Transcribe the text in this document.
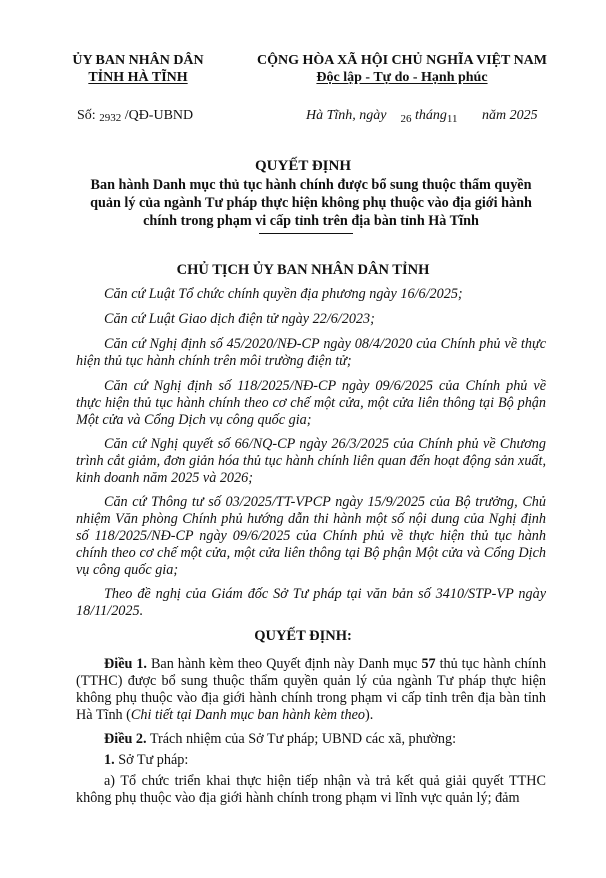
ỦY BAN NHÂN DÂN
TỈNH HÀ TĨNH
CỘNG HÒA XÃ HỘI CHỦ NGHĨA VIỆT NAM
Độc lập - Tự do - Hạnh phúc
Số: 2932 /QĐ-UBND	Hà Tĩnh, ngày $_{26}$ tháng$_{11}$ năm 2025
QUYẾT ĐỊNH
Ban hành Danh mục thủ tục hành chính được bổ sung thuộc thẩm quyền quản lý của ngành Tư pháp thực hiện không phụ thuộc vào địa giới hành chính trong phạm vi cấp tỉnh trên địa bàn tỉnh Hà Tĩnh
CHỦ TỊCH ỦY BAN NHÂN DÂN TỈNH

Căn cứ Luật Tổ chức chính quyền địa phương ngày 16/6/2025;

Căn cứ Luật Giao dịch điện tử ngày 22/6/2023;

Căn cứ Nghị định số 45/2020/NĐ-CP ngày 08/4/2020 của Chính phủ về thực hiện thủ tục hành chính trên môi trường điện tử;

Căn cứ Nghị định số 118/2025/NĐ-CP ngày 09/6/2025 của Chính phủ về thực hiện thủ tục hành chính theo cơ chế một cửa, một cửa liên thông tại Bộ phận Một cửa và Cổng Dịch vụ công quốc gia;

Căn cứ Nghị quyết số 66/NQ-CP ngày 26/3/2025 của Chính phủ về Chương trình cắt giảm, đơn giản hóa thủ tục hành chính liên quan đến hoạt động sản xuất, kinh doanh năm 2025 và 2026;

Căn cứ Thông tư số 03/2025/TT-VPCP ngày 15/9/2025 của Bộ trưởng, Chủ nhiệm Văn phòng Chính phủ hướng dẫn thi hành một số nội dung của Nghị định số 118/2025/NĐ-CP ngày 09/6/2025 của Chính phủ về thực hiện thủ tục hành chính theo cơ chế một cửa, một cửa liên thông tại Bộ phận Một cửa và Cổng Dịch vụ công quốc gia;

Theo đề nghị của Giám đốc Sở Tư pháp tại văn bản số 3410/STP-VP ngày 18/11/2025.

QUYẾT ĐỊNH:

Điều 1. Ban hành kèm theo Quyết định này Danh mục 57 thủ tục hành chính (TTHC) được bổ sung thuộc thẩm quyền quản lý của ngành Tư pháp thực hiện không phụ thuộc vào địa giới hành chính trong phạm vi cấp tỉnh trên địa bàn tỉnh Hà Tĩnh (Chi tiết tại Danh mục ban hành kèm theo).

Điều 2. Trách nhiệm của Sở Tư pháp; UBND các xã, phường:

1. Sở Tư pháp:

a) Tổ chức triển khai thực hiện tiếp nhận và trả kết quả giải quyết TTHC không phụ thuộc vào địa giới hành chính trong phạm vi lĩnh vực quản lý; đảm
